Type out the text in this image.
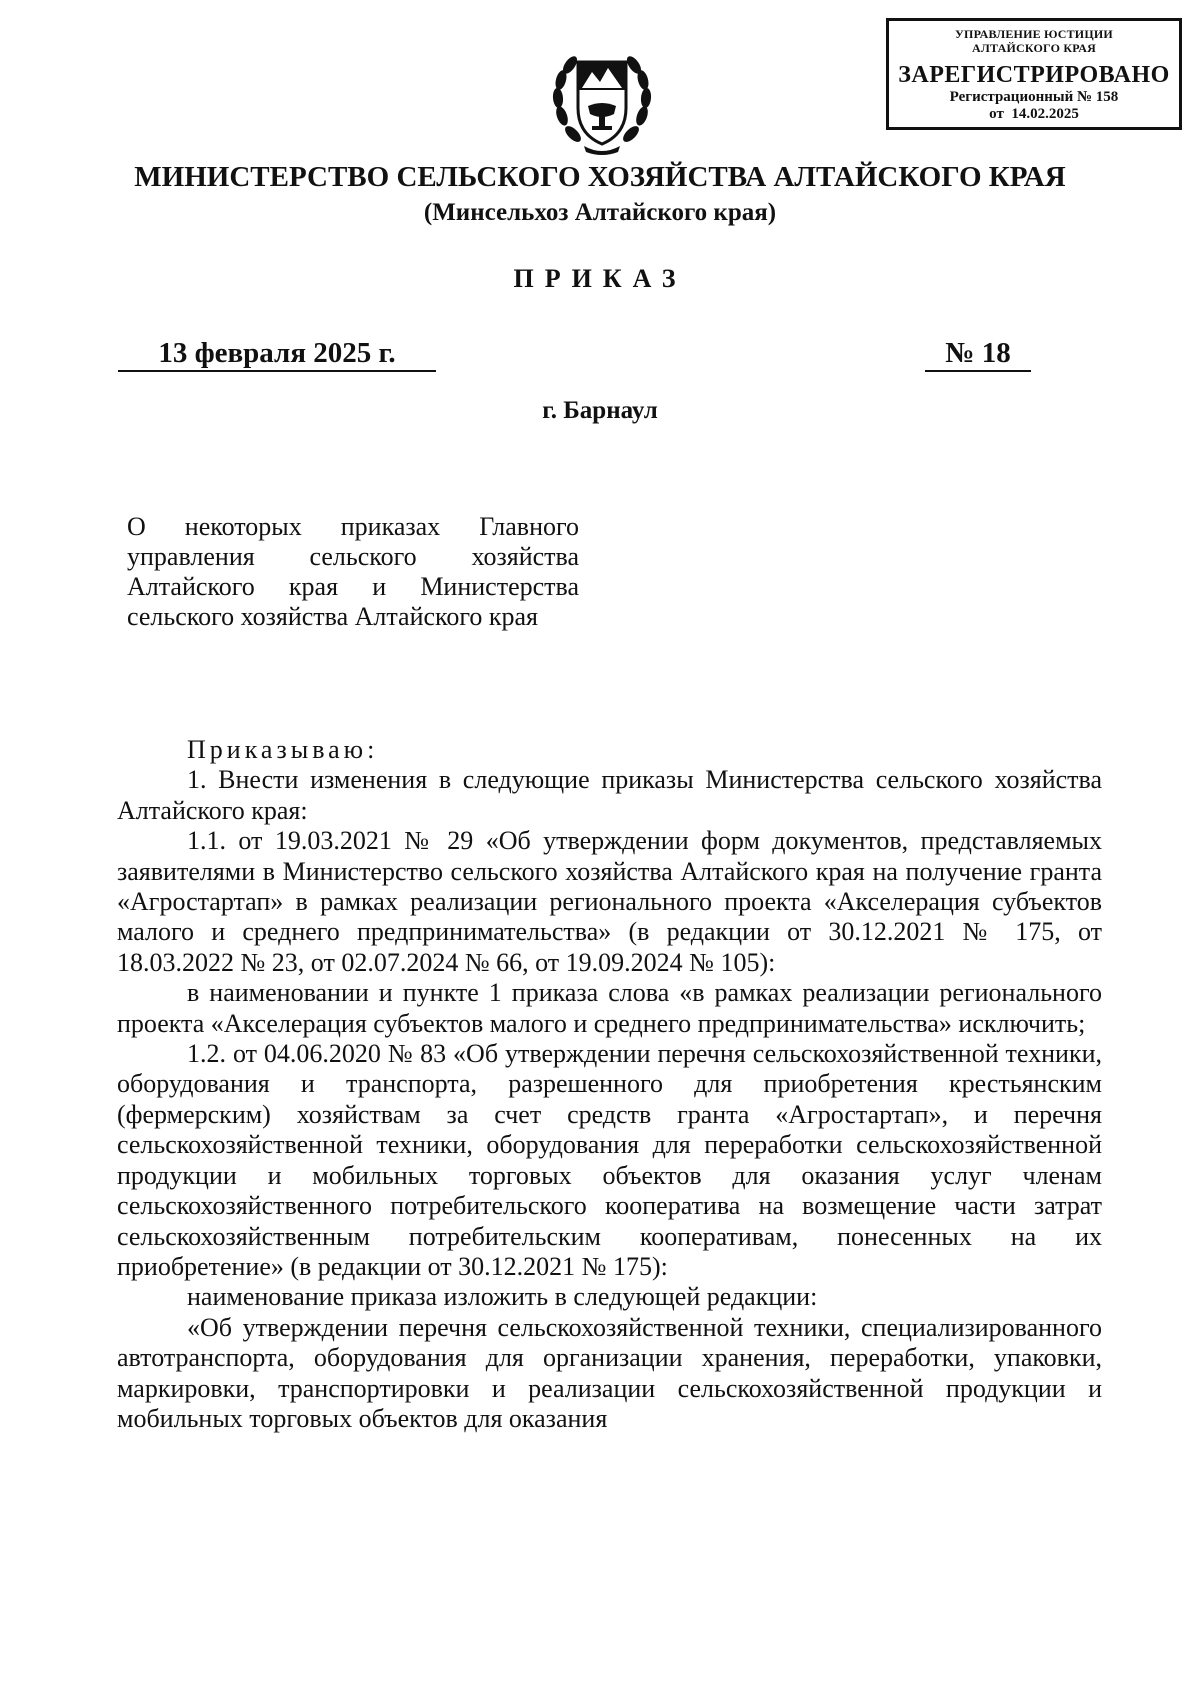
УПРАВЛЕНИЕ ЮСТИЦИИ
АЛТАЙСКОГО КРАЯ
ЗАРЕГИСТРИРОВАНО
Регистрационный № 158
от  14.02.2025
МИНИСТЕРСТВО СЕЛЬСКОГО ХОЗЯЙСТВА АЛТАЙСКОГО КРАЯ
(Минсельхоз Алтайского края)
ПРИКАЗ
13 февраля 2025 г.	№ 18
г. Барнаул
О некоторых приказах Главного
управления сельского хозяйства
Алтайского края и Министерства
сельского хозяйства Алтайского края

Приказываю:

1. Внести изменения в следующие приказы Министерства сельского хозяйства Алтайского края:

1.1. от 19.03.2021 № 29 «Об утверждении форм документов, представляемых заявителями в Министерство сельского хозяйства Алтайского края на получение гранта «Агростартап» в рамках реализации регионального проекта «Акселерация субъектов малого и среднего предпринимательства» (в редакции от 30.12.2021 № 175, от 18.03.2022 № 23, от 02.07.2024 № 66, от 19.09.2024 № 105):

в наименовании и пункте 1 приказа слова «в рамках реализации регионального проекта «Акселерация субъектов малого и среднего предпринимательства» исключить;

1.2. от 04.06.2020 № 83 «Об утверждении перечня сельскохозяйственной техники, оборудования и транспорта, разрешенного для приобретения крестьянским (фермерским) хозяйствам за счет средств гранта «Агростартап», и перечня сельскохозяйственной техники, оборудования для переработки сельскохозяйственной продукции и мобильных торговых объектов для оказания услуг членам сельскохозяйственного потребительского кооператива на возмещение части затрат сельскохозяйственным потребительским кооперативам, понесенных на их приобретение» (в редакции от 30.12.2021 № 175):

наименование приказа изложить в следующей редакции:

«Об утверждении перечня сельскохозяйственной техники, специализированного автотранспорта, оборудования для организации хранения, переработки, упаковки, маркировки, транспортировки и реализации сельскохозяйственной продукции и мобильных торговых объектов для оказания
